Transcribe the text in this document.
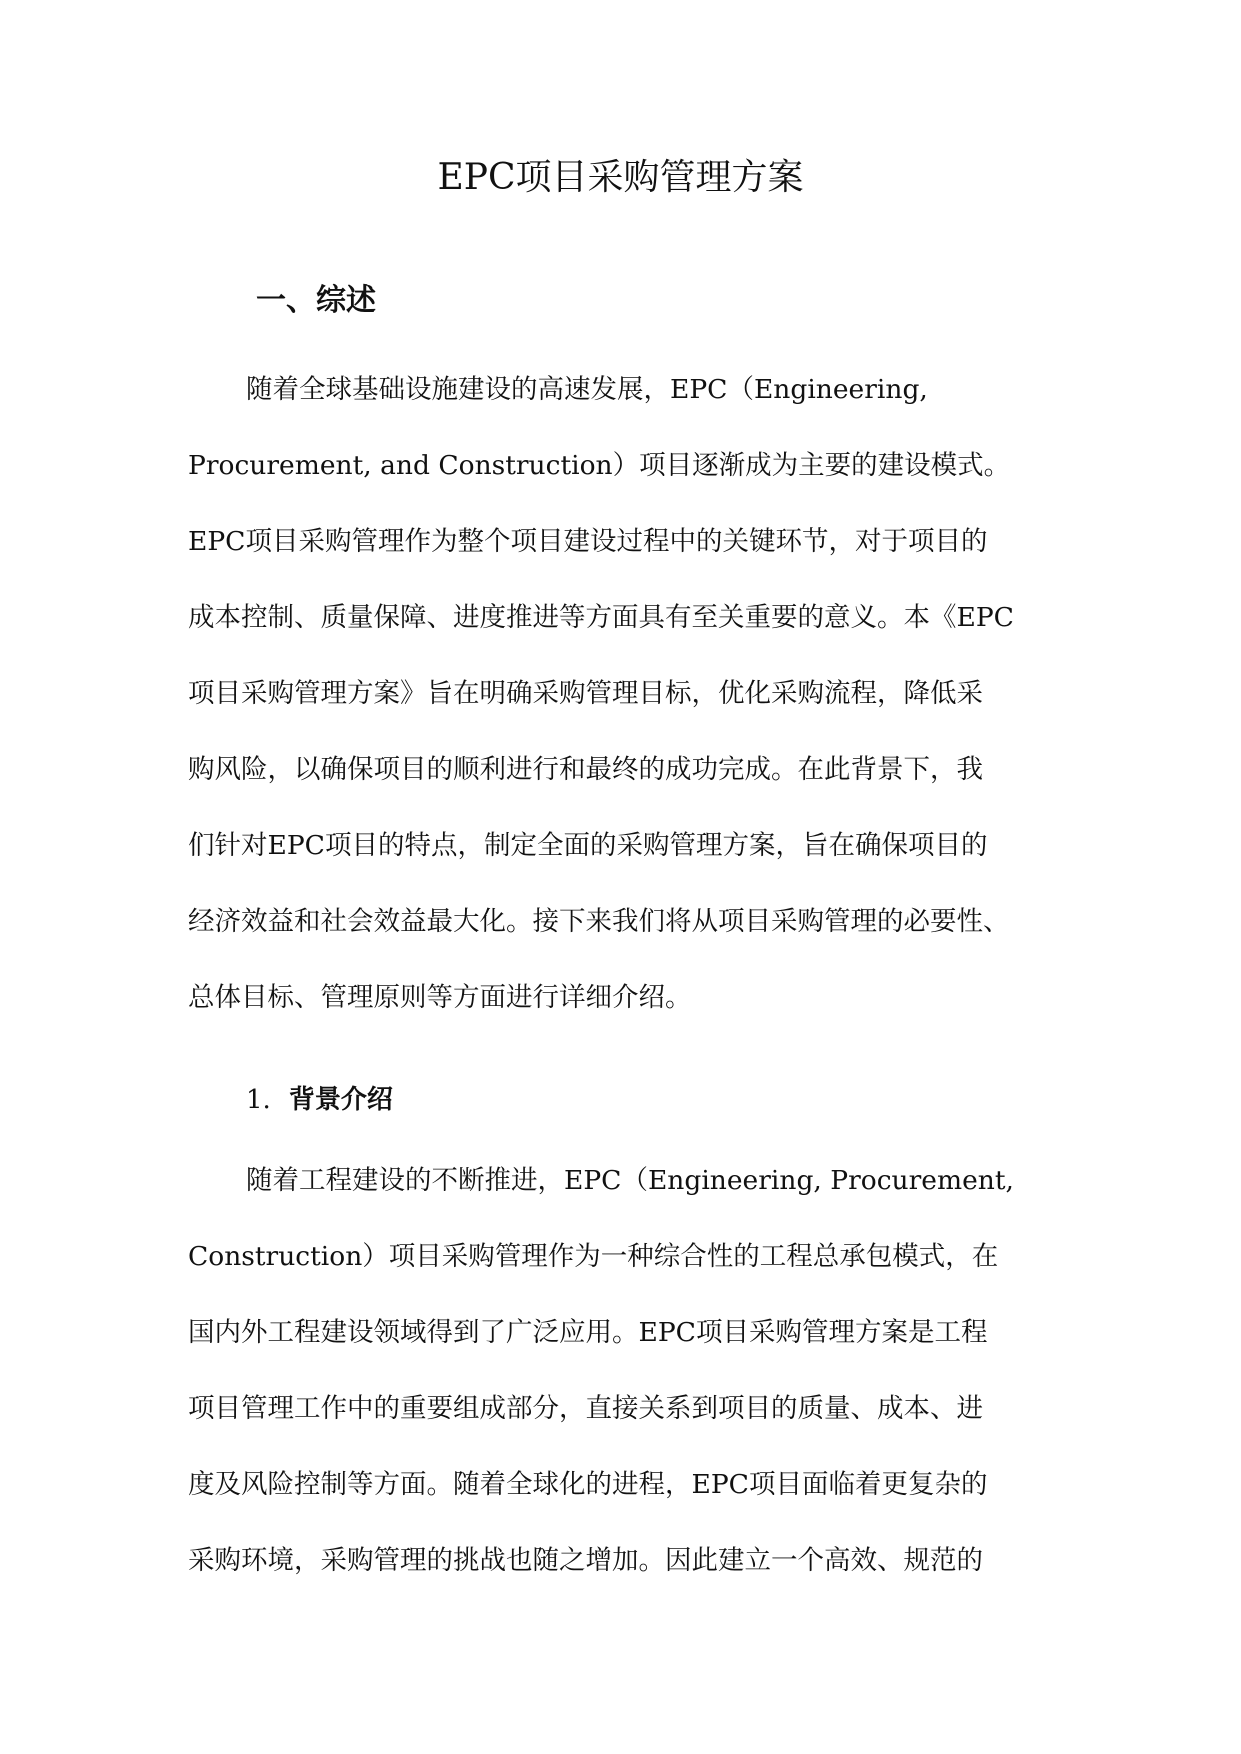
EPC项目采购管理方案
一、综述

随着全球基础设施建设的高速发展，EPC（Engineering,
Procurement, and Construction）项目逐渐成为主要的建设模式。
EPC项目采购管理作为整个项目建设过程中的关键环节，对于项目的
成本控制、质量保障、进度推进等方面具有至关重要的意义。本《EPC
项目采购管理方案》旨在明确采购管理目标，优化采购流程，降低采
购风险，以确保项目的顺利进行和最终的成功完成。在此背景下，我
们针对EPC项目的特点，制定全面的采购管理方案，旨在确保项目的
经济效益和社会效益最大化。接下来我们将从项目采购管理的必要性、
总体目标、管理原则等方面进行详细介绍。

1. 背景介绍

随着工程建设的不断推进，EPC（Engineering, Procurement,
Construction）项目采购管理作为一种综合性的工程总承包模式，在
国内外工程建设领域得到了广泛应用。EPC项目采购管理方案是工程
项目管理工作中的重要组成部分，直接关系到项目的质量、成本、进
度及风险控制等方面。随着全球化的进程，EPC项目面临着更复杂的
采购环境，采购管理的挑战也随之增加。因此建立一个高效、规范的
